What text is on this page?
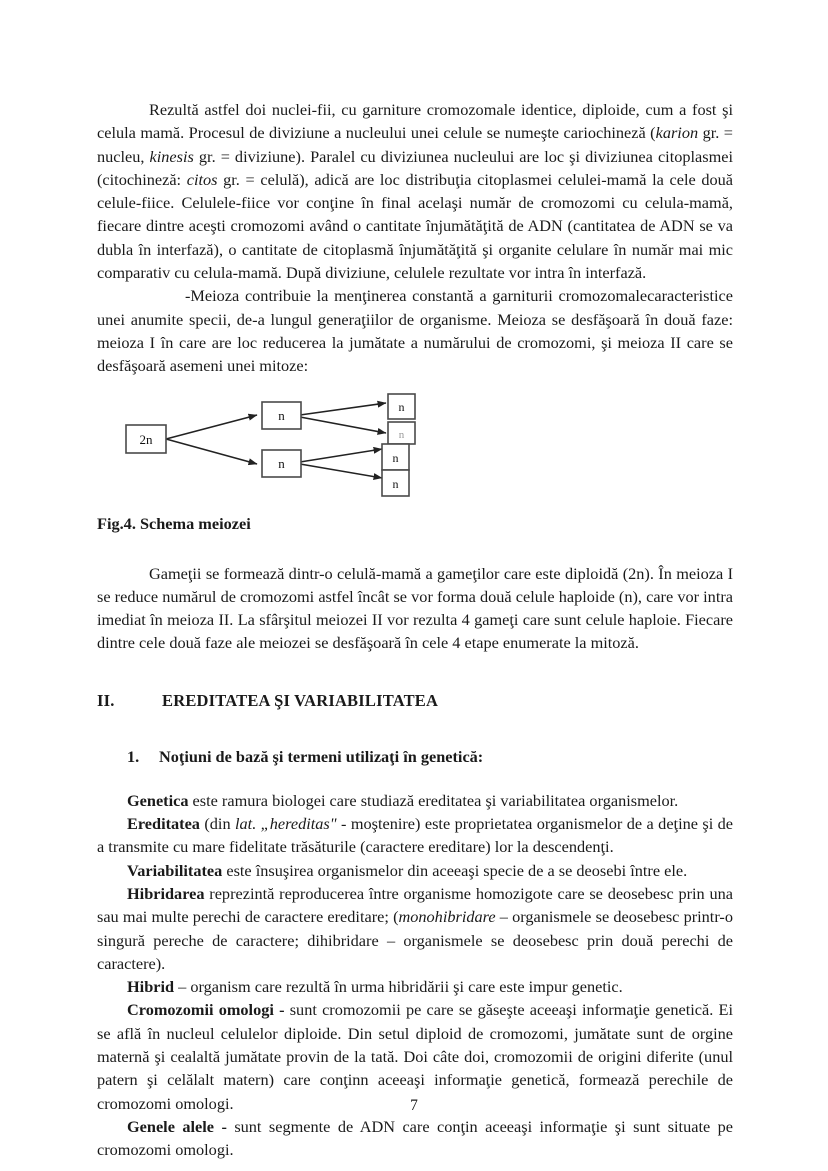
Rezultă astfel doi nuclei-fii, cu garniture cromozomale identice, diploide, cum a fost şi celula mamă. Procesul de diviziune a nucleului unei celule se numeşte cariochineză (karion gr. = nucleu, kinesis gr. = diviziune). Paralel cu diviziunea nucleului are loc şi diviziunea citoplasmei (citochineză: citos gr. = celulă), adică are loc distribuţia citoplasmei celulei-mamă la cele două celule-fiice. Celulele-fiice vor conţine în final acelaşi număr de cromozomi cu celula-mamă, fiecare dintre aceşti cromozomi având o cantitate înjumătăţită de ADN (cantitatea de ADN se va dubla în interfază), o cantitate de citoplasmă înjumătăţită şi organite celulare în număr mai mic comparativ cu celula-mamă. După diviziune, celulele rezultate vor intra în interfază.

-Meioza contribuie la menţinerea constantă a garniturii cromozomalecaracteristice unei anumite specii, de-a lungul generaţiilor de organisme. Meioza se desfăşoară în două faze: meioza I în care are loc reducerea la jumătate a numărului de cromozomi, şi meioza II care se desfăşoară asemeni unei mitoze:

2n
n
n
n
n
n
n

Fig.4. Schema meiozei

Gameţii se formează dintr-o celulă-mamă a gameţilor care este diploidă (2n). În meioza I se reduce numărul de cromozomi astfel încât se vor forma două celule haploide (n), care vor intra imediat în meioza II. La sfârşitul meiozei II vor rezulta 4 gameţi care sunt celule haploie. Fiecare dintre cele două faze ale meiozei se desfăşoară în cele 4 etape enumerate la mitoză.

II.	EREDITATEA ŞI VARIABILITATEA
1.	Noţiuni de bază şi termeni utilizaţi în genetică:

Genetica este ramura biologei care studiază ereditatea şi variabilitatea organismelor.

Ereditatea (din lat. „hereditas" - moştenire) este proprietatea organismelor de a deţine şi de a transmite cu mare fidelitate trăsăturile (caractere ereditare) lor la descendenţi.

Variabilitatea este însuşirea organismelor din aceeaşi specie de a se deosebi între ele.

Hibridarea reprezintă reproducerea între organisme homozigote care se deosebesc prin una sau mai multe perechi de caractere ereditare; (monohibridare – organismele se deosebesc printr-o singură pereche de caractere; dihibridare – organismele se deosebesc prin două perechi de caractere).

Hibrid – organism care rezultă în urma hibridării şi care este impur genetic.

Cromozomii omologi - sunt cromozomii pe care se găseşte aceeaşi informaţie genetică. Ei se află în nucleul celulelor diploide. Din setul diploid de cromozomi, jumătate sunt de orgine maternă şi cealaltă jumătate provin de la tată. Doi câte doi, cromozomii de origini diferite (unul patern şi celălalt matern) care conţinn aceeaşi informaţie genetică, formează perechile de cromozomi omologi.

Genele alele - sunt segmente de ADN care conţin aceeaşi informaţie şi sunt situate pe cromozomi omologi.

7
